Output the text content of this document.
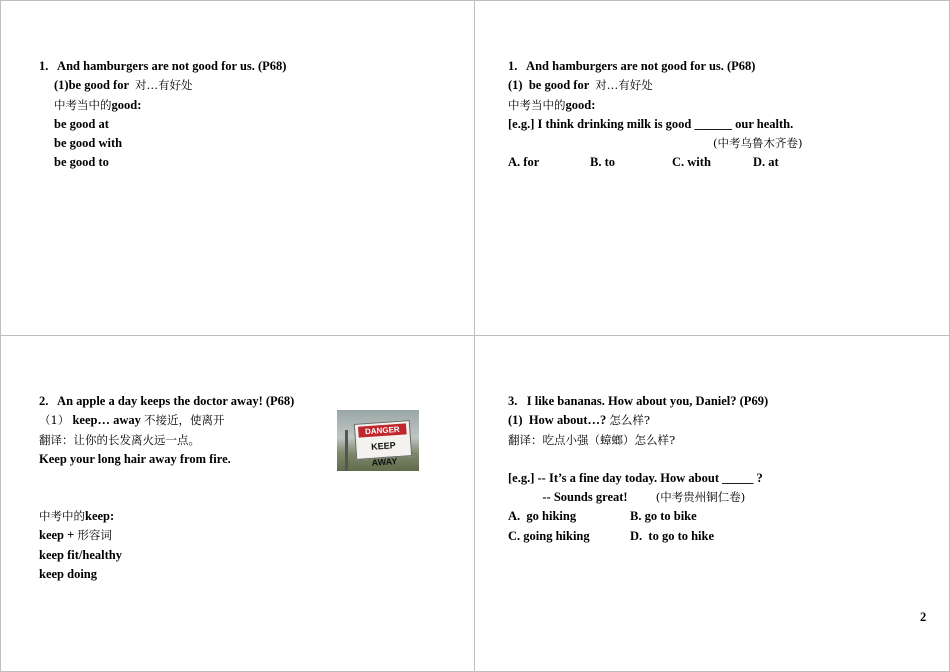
1.   And hamburgers are not good for us. (P68)
(1)be good for  对…有好处
中考当中的good:
be good at
be good with
be good to
1.   And hamburgers are not good for us. (P68)
(1)  be good for  对…有好处
中考当中的good:
[e.g.] I think drinking milk is good ______ our health.
(中考乌鲁木齐卷)
A. for	B. to	C. with	D. at
2.   An apple a day keeps the doctor away! (P68)
（1） keep… away 不接近，使离开
翻译：让你的长发离火远一点。
Keep your long hair away from fire.
中考中的keep:
keep + 形容词
keep fit/healthy
keep doing
DANGER
KEEP AWAY
3.   I like bananas. How about you, Daniel? (P69)
(1)  How about…? 怎么样?
翻译：吃点小强（蟑螂）怎么样?
[e.g.] -- It’s a fine day today. How about _____ ?
-- Sounds great!         (中考贵州铜仁卷)
A.  go hiking	B. go to bike
C. going hiking	D.  to go to hike
2
